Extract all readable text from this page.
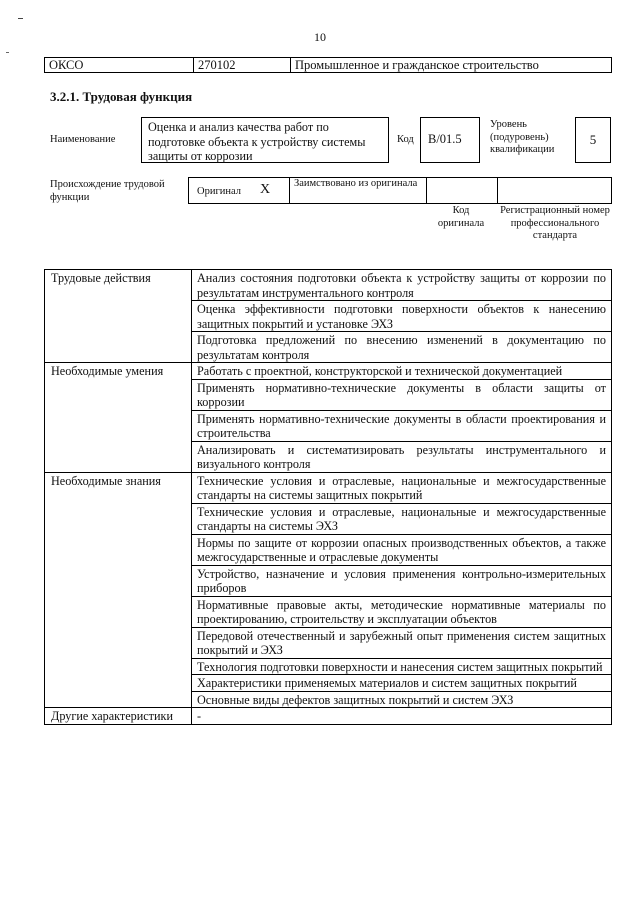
10
ОКСО	270102	Промышленное и гражданское строительство
3.2.1. Трудовая функция
Наименование
Оценка и анализ качества работ по подготовке объекта к устройству системы защиты от коррозии
Код	В/01.5
Уровень (подуровень) квалификации
5
Происхождение трудовой функции	Оригинал Х	Заимствовано из оригинала
Код оригинала
Регистрационный номер профессионального стандарта
Трудовые действия	Анализ состояния подготовки объекта к устройству защиты от коррозии по результатам инструментального контроля
	Оценка эффективности подготовки поверхности объектов к нанесению защитных покрытий и установке ЭХЗ
	Подготовка предложений по внесению изменений в документацию по результатам контроля
Необходимые умения	Работать с проектной, конструкторской и технической документацией
	Применять нормативно-технические документы в области защиты от коррозии
	Применять нормативно-технические документы в области проектирования и строительства
	Анализировать и систематизировать результаты инструментального и визуального контроля
Необходимые знания	Технические условия и отраслевые, национальные и межгосударственные стандарты на системы защитных покрытий
	Технические условия и отраслевые, национальные и межгосударственные стандарты на системы ЭХЗ
	Нормы по защите от коррозии опасных производственных объектов, а также межгосударственные и отраслевые документы
	Устройство, назначение и условия применения контрольно-измерительных приборов
	Нормативные правовые акты, методические нормативные материалы по проектированию, строительству и эксплуатации объектов
	Передовой отечественный и зарубежный опыт применения систем защитных покрытий и ЭХЗ
	Технология подготовки поверхности и нанесения систем защитных покрытий
	Характеристики применяемых материалов и систем защитных покрытий
	Основные виды дефектов защитных покрытий и систем ЭХЗ
Другие характеристики	-
